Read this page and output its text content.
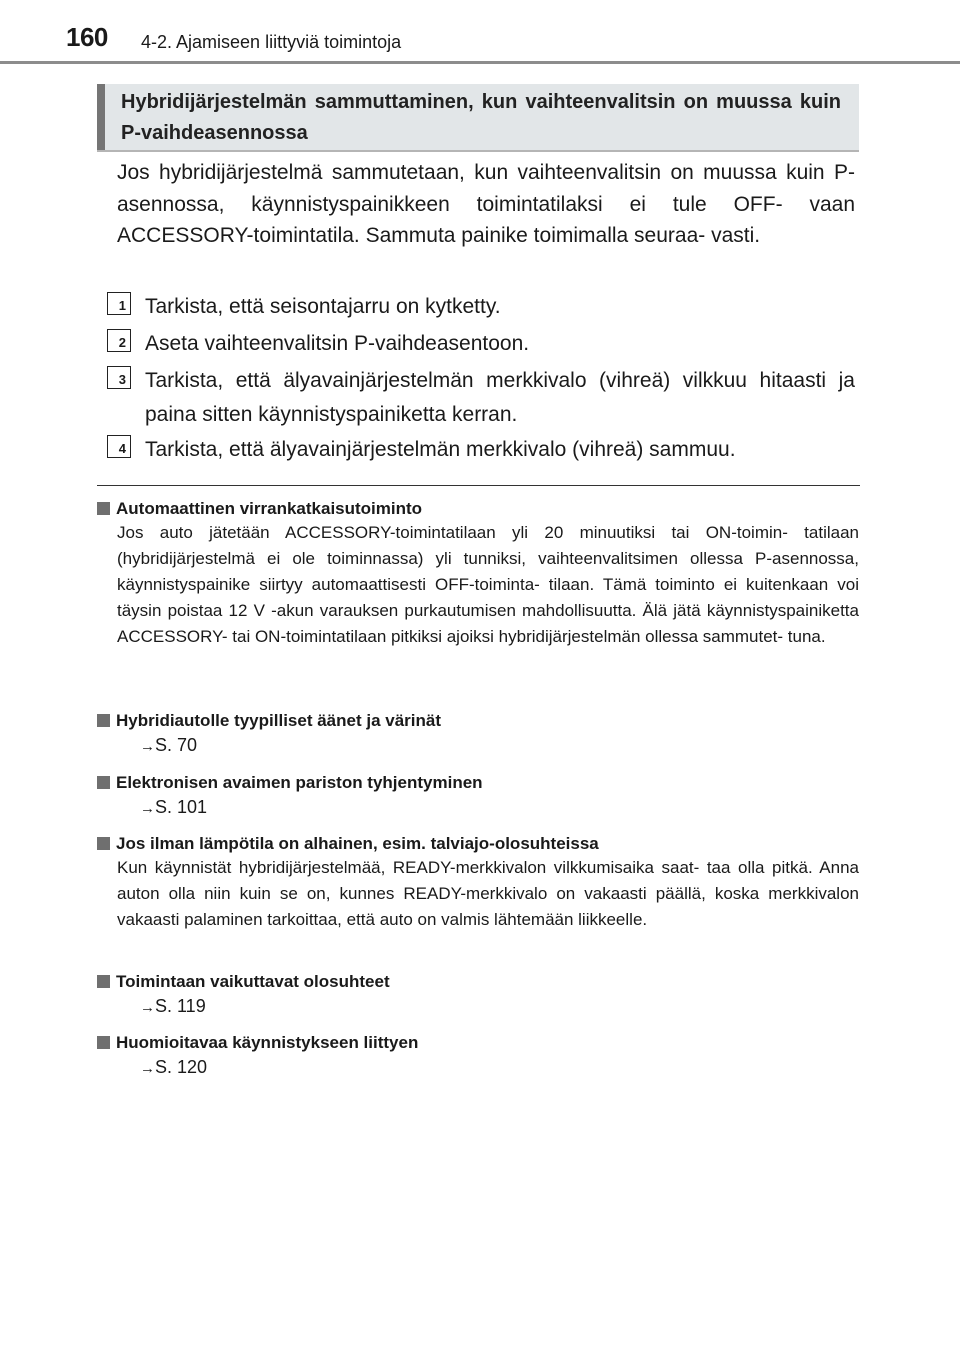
160 4-2. Ajamiseen liittyviä toimintoja
Hybridijärjestelmän sammuttaminen, kun vaihteenvalitsin on muussa kuin P-vaihdeasennossa
Jos hybridijärjestelmä sammutetaan, kun vaihteenvalitsin on muussa kuin P-asennossa, käynnistyspainikkeen toimintatilaksi ei tule OFF- vaan ACCESSORY-toimintatila. Sammuta painike toimimalla seuraa- vasti.
1 Tarkista, että seisontajarru on kytketty.
2 Aseta vaihteenvalitsin P-vaihdeasentoon.
3 Tarkista, että älyavainjärjestelmän merkkivalo (vihreä) vilkkuu hitaasti ja paina sitten käynnistyspainiketta kerran.
4 Tarkista, että älyavainjärjestelmän merkkivalo (vihreä) sammuu.
Automaattinen virrankatkaisutoiminto
Jos auto jätetään ACCESSORY-toimintatilaan yli 20 minuutiksi tai ON-toimin- tatilaan (hybridijärjestelmä ei ole toiminnassa) yli tunniksi, vaihteenvalitsimen ollessa P-asennossa, käynnistyspainike siirtyy automaattisesti OFF-toiminta- tilaan. Tämä toiminto ei kuitenkaan voi täysin poistaa 12 V -akun varauksen purkautumisen mahdollisuutta. Älä jätä käynnistyspainiketta ACCESSORY- tai ON-toimintatilaan pitkiksi ajoiksi hybridijärjestelmän ollessa sammutet- tuna.
Hybridiautolle tyypilliset äänet ja värinät
→S. 70
Elektronisen avaimen pariston tyhjentyminen
→S. 101
Jos ilman lämpötila on alhainen, esim. talviajo-olosuhteissa
Kun käynnistät hybridijärjestelmää, READY-merkkivalon vilkkumisaika saat- taa olla pitkä. Anna auton olla niin kuin se on, kunnes READY-merkkivalo on vakaasti päällä, koska merkkivalon vakaasti palaminen tarkoittaa, että auto on valmis lähtemään liikkeelle.
Toimintaan vaikuttavat olosuhteet
→S. 119
Huomioitavaa käynnistykseen liittyen
→S. 120
